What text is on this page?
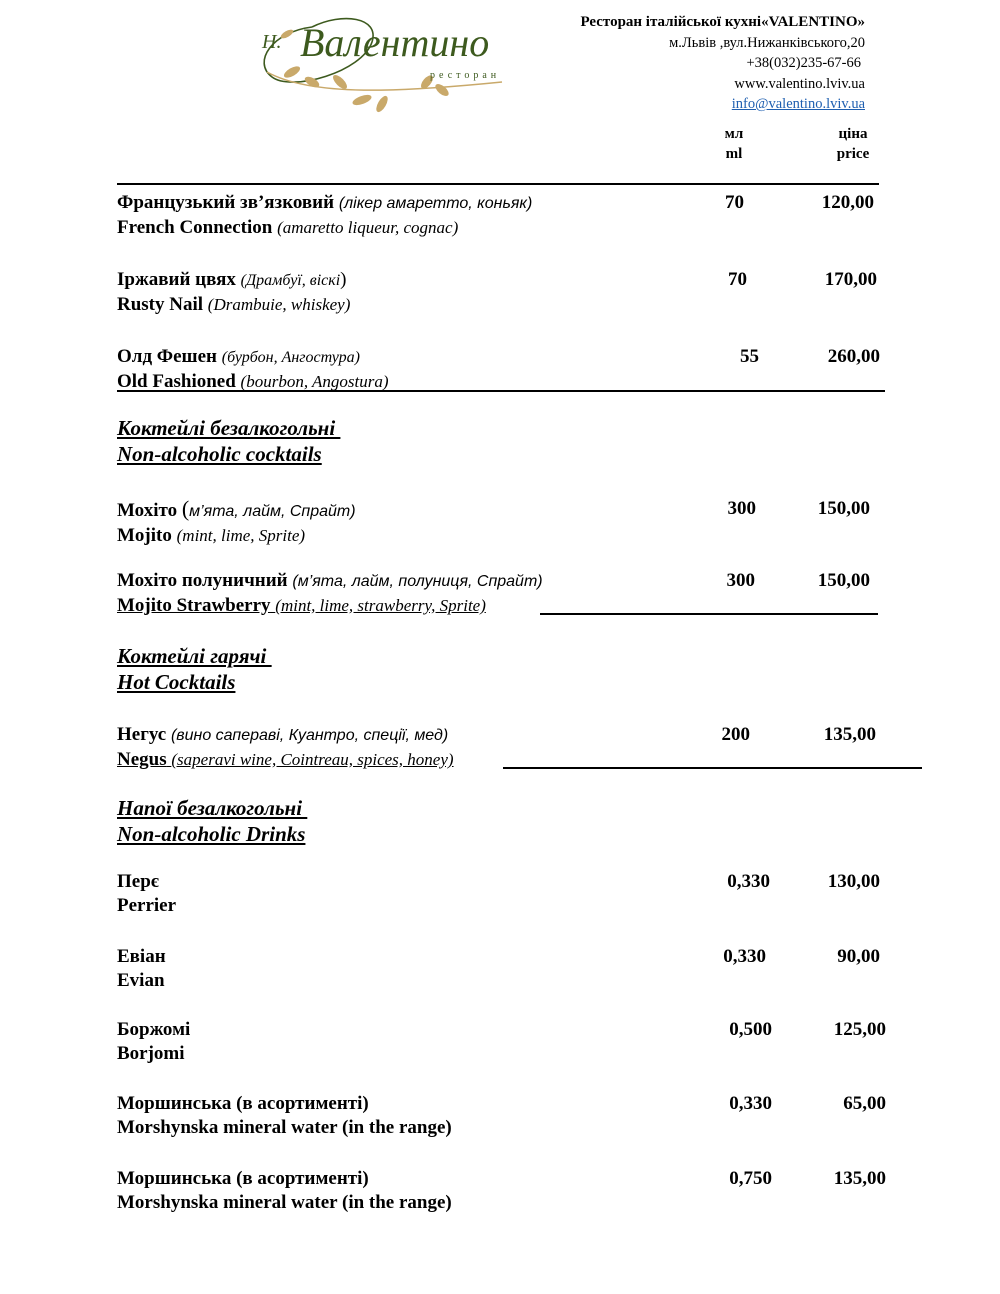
Н. Валентино
ресторан
Ресторан італійської кухні«VALENTINO»
м.Львів ,вул.Нижанківського,20
+38(032)235-67-66
www.valentino.lviv.ua
info@valentino.lviv.ua
мл
ml
ціна
price
Французький зв’язковий (лікер амаретто, коньяк)
French Connection (amaretto liqueur, cognac)
70	120,00
Іржавий цвях (Драмбуї, віскі)
Rusty Nail (Drambuie, whiskey)
70	170,00
Олд Фешен (бурбон, Ангостура)
Old Fashioned (bourbon, Angostura)
55	260,00
Коктейлі безалкогольні
Non-alcoholic cocktails
Мохіто (м’ята, лайм, Спрайт)
Mojito (mint, lime, Sprite)
300	150,00
Мохіто полуничний (м’ята, лайм, полуниця, Спрайт)
Mojito Strawberry (mint, lime, strawberry, Sprite)
300	150,00
Коктейлі гарячі
Hot Cocktails
Негус (вино саперaві, Куантро, спеції, мед)
Negus (saperavi wine, Cointreau, spices, honey)
200	135,00
Напої безалкогольні
Non-alcoholic Drinks
Перє
Perrier
0,330	130,00
Евіан
Evian
0,330	90,00
Боржомі
Borjomi
0,500	125,00
Моршинська (в асортименті)
Morshynska mineral water (in the range)
0,330	65,00
Моршинська (в асортименті)
Morshynska mineral water (in the range)
0,750	135,00
